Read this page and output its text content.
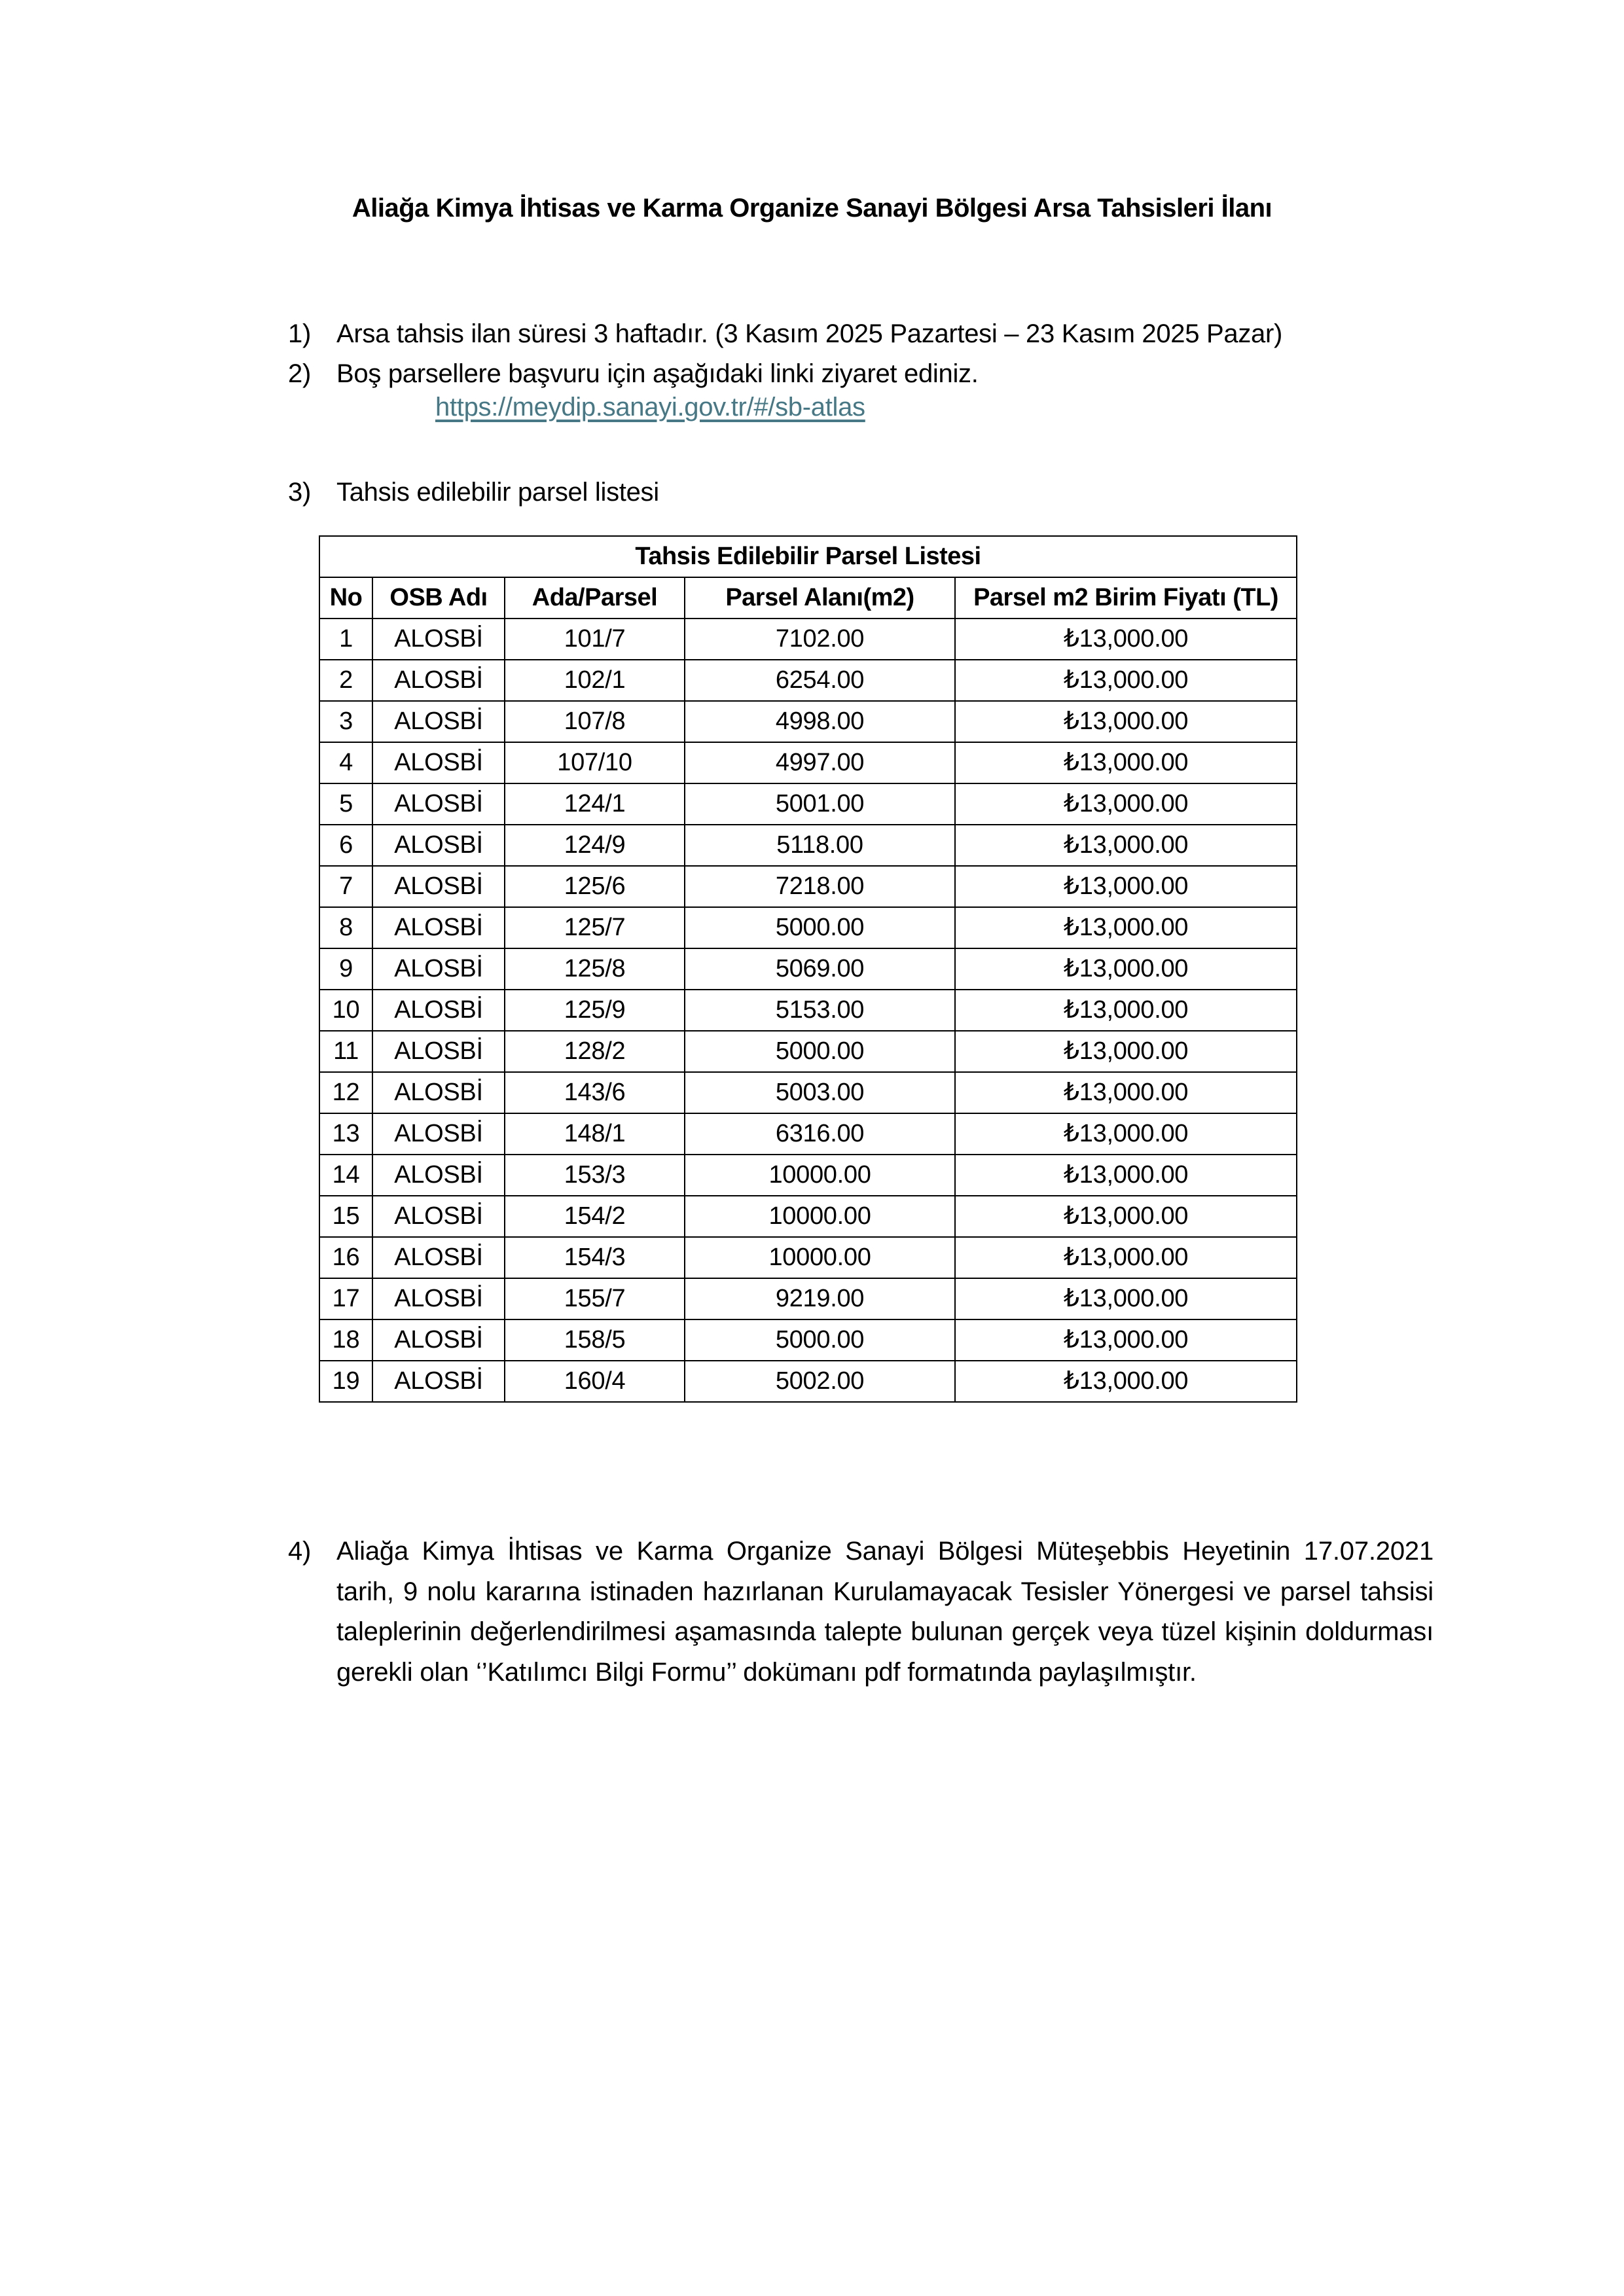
Aliağa Kimya İhtisas ve Karma Organize Sanayi Bölgesi Arsa Tahsisleri İlanı
1) Arsa tahsis ilan süresi 3 haftadır. (3 Kasım 2025 Pazartesi – 23 Kasım 2025 Pazar)
2) Boş parsellere başvuru için aşağıdaki linki ziyaret ediniz.
https://meydip.sanayi.gov.tr/#/sb-atlas
3) Tahsis edilebilir parsel listesi
Tahsis Edilebilir Parsel Listesi				
No	OSB Adı	Ada/Parsel	Parsel Alanı(m2)	Parsel m2 Birim Fiyatı (TL)
1	ALOSBİ	101/7	7102.00	₺13,000.00
2	ALOSBİ	102/1	6254.00	₺13,000.00
3	ALOSBİ	107/8	4998.00	₺13,000.00
4	ALOSBİ	107/10	4997.00	₺13,000.00
5	ALOSBİ	124/1	5001.00	₺13,000.00
6	ALOSBİ	124/9	5118.00	₺13,000.00
7	ALOSBİ	125/6	7218.00	₺13,000.00
8	ALOSBİ	125/7	5000.00	₺13,000.00
9	ALOSBİ	125/8	5069.00	₺13,000.00
10	ALOSBİ	125/9	5153.00	₺13,000.00
11	ALOSBİ	128/2	5000.00	₺13,000.00
12	ALOSBİ	143/6	5003.00	₺13,000.00
13	ALOSBİ	148/1	6316.00	₺13,000.00
14	ALOSBİ	153/3	10000.00	₺13,000.00
15	ALOSBİ	154/2	10000.00	₺13,000.00
16	ALOSBİ	154/3	10000.00	₺13,000.00
17	ALOSBİ	155/7	9219.00	₺13,000.00
18	ALOSBİ	158/5	5000.00	₺13,000.00
19	ALOSBİ	160/4	5002.00	₺13,000.00
4) Aliağa Kimya İhtisas ve Karma Organize Sanayi Bölgesi Müteşebbis Heyetinin 17.07.2021 tarih, 9 nolu kararına istinaden hazırlanan Kurulamayacak Tesisler Yönergesi ve parsel tahsisi taleplerinin değerlendirilmesi aşamasında talepte bulunan gerçek veya tüzel kişinin doldurması gerekli olan ‘’Katılımcı Bilgi Formu’’ dokümanı pdf formatında paylaşılmıştır.
